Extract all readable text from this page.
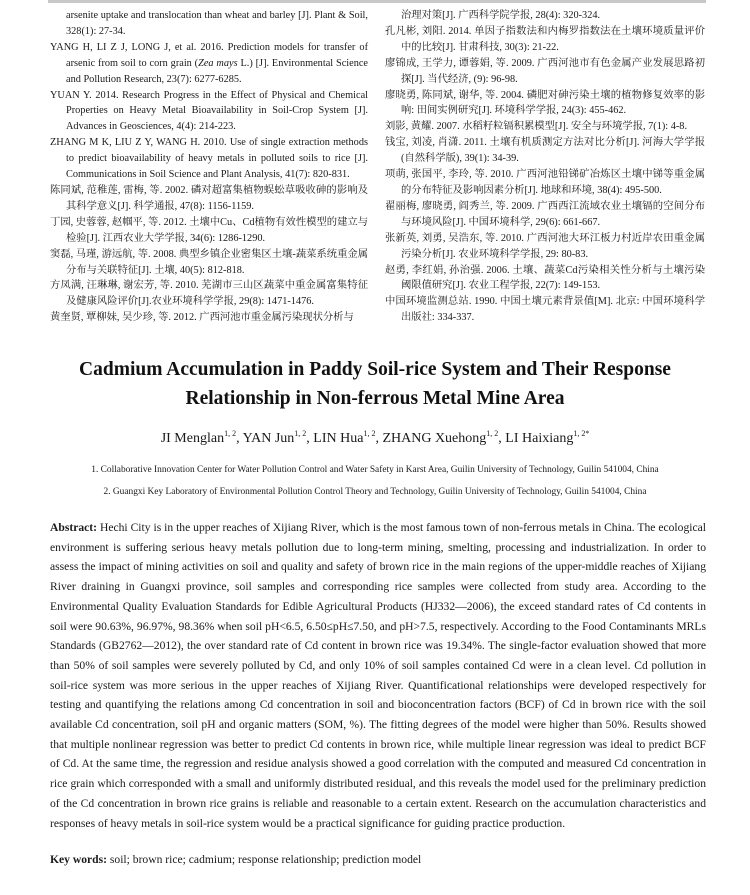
arsenite uptake and translocation than wheat and barley [J]. Plant & Soil, 328(1): 27-34.
YANG H, LI Z J, LONG J, et al. 2016. Prediction models for transfer of arsenic from soil to corn grain (Zea mays L.) [J]. Environmental Science and Pollution Research, 23(7): 6277-6285.
YUAN Y. 2014. Research Progress in the Effect of Physical and Chemical Properties on Heavy Metal Bioavailability in Soil-Crop System [J]. Advances in Geosciences, 4(4): 214-223.
ZHANG M K, LIU Z Y, WANG H. 2010. Use of single extraction methods to predict bioavailability of heavy metals in polluted soils to rice [J]. Communications in Soil Science and Plant Analysis, 41(7): 820-831.
陈同斌, 范稚莲, 雷梅, 等. 2002. 磷对超富集植物蜈蚣草吸收砷的影响及其科学意义[J]. 科学通报, 47(8): 1156-1159.
丁园, 史蓉蓉, 赵帼平, 等. 2012. 土壤中Cu、Cd植物有效性模型的建立与检验[J]. 江西农业大学学报, 34(6): 1286-1290.
窦磊, 马瑾, 游远航, 等. 2008. 典型乡镇企业密集区土壤-蔬菜系统重金属分布与关联特征[J]. 土壤, 40(5): 812-818.
方凤满, 汪琳琳, 谢宏芳, 等. 2010. 芜湖市三山区蔬菜中重金属富集特征及健康风险评价[J].农业环境科学学报, 29(8): 1471-1476.
黄奎贤, 覃柳妹, 吴少珍, 等. 2012. 广西河池市重金属污染现状分析与
治理对策[J]. 广西科学院学报, 28(4): 320-324.
孔凡彬, 刘阳. 2014. 单因子指数法和内梅罗指数法在土壤环境质量评价中的比较[J]. 甘肃科技, 30(3): 21-22.
廖锦成, 王学力, 谭蓉娟, 等. 2009. 广西河池市有色金属产业发展思路初探[J]. 当代经济, (9): 96-98.
廖晓勇, 陈同斌, 谢华, 等. 2004. 磷肥对砷污染土壤的植物修复效率的影响: 田间实例研究[J]. 环境科学学报, 24(3): 455-462.
刘影, 黄耀. 2007. 水稻籽粒镉积累模型[J]. 安全与环境学报, 7(1): 4-8.
钱宝, 刘凌, 肖潇. 2011. 土壤有机质测定方法对比分析[J]. 河海大学学报(自然科学版), 39(1): 34-39.
项萌, 张国平, 李玲, 等. 2010. 广西河池铅锑矿冶炼区土壤中锑等重金属的分布特征及影响因素分析[J]. 地球和环境, 38(4): 495-500.
翟丽梅, 廖晓勇, 阎秀兰, 等. 2009. 广西西江流域农业土壤镉的空间分布与环境风险[J]. 中国环境科学, 29(6): 661-667.
张新英, 刘勇, 吴浩东, 等. 2010. 广西河池大环江板力村近岸农田重金属污染分析[J]. 农业环境科学学报, 29: 80-83.
赵勇, 李红娟, 孙治强. 2006. 土壤、蔬菜Cd污染相关性分析与土壤污染阈限值研究[J]. 农业工程学报, 22(7): 149-153.
中国环境监测总站. 1990. 中国土壤元素背景值[M]. 北京: 中国环境科学出版社: 334-337.
Cadmium Accumulation in Paddy Soil-rice System and Their Response
Relationship in Non-ferrous Metal Mine Area
JI Menglan$^{1, 2}$, YAN Jun$^{1, 2}$, LIN Hua$^{1, 2}$, ZHANG Xuehong$^{1, 2}$, LI Haixiang$^{1, 2*}$
1. Collaborative Innovation Center for Water Pollution Control and Water Safety in Karst Area, Guilin University of Technology, Guilin 541004, China
2. Guangxi Key Laboratory of Environmental Pollution Control Theory and Technology, Guilin University of Technology, Guilin 541004, China
Abstract: Hechi City is in the upper reaches of Xijiang River, which is the most famous town of non-ferrous metals in China. The ecological environment is suffering serious heavy metals pollution due to long-term mining, smelting, processing and industrialization. In order to assess the impact of mining activities on soil and quality and safety of brown rice in the main regions of the upper-middle reaches of Xijiang River draining in Guangxi province, soil samples and corresponding rice samples were collected from study area. According to the Environmental Quality Evaluation Standards for Edible Agricultural Products (HJ332—2006), the exceed standard rates of Cd contents in soil were 90.63%, 96.97%, 98.36% when soil pH<6.5, 6.50≤pH≤7.50, and pH>7.5, respectively. According to the Food Contaminants MRLs Standards (GB2762—2012), the over standard rate of Cd content in brown rice was 19.34%. The single-factor evaluation showed that more than 50% of soil samples were severely polluted by Cd, and only 10% of soil samples contained Cd were in a clean level. Cd pollution in soil-rice system was more serious in the upper reaches of Xijiang River. Quantificational relationships were developed respectively for testing and quantifying the relations among Cd concentration in soil and bioconcentration factors (BCF) of Cd in brown rice with the soil available Cd concentration, soil pH and organic matters (SOM, %). The fitting degrees of the model were higher than 50%. Results showed that multiple nonlinear regression was better to predict Cd contents in brown rice, while multiple linear regression was ideal to predict BCF of Cd. At the same time, the regression and residue analysis showed a good correlation with the computed and measured Cd concentration in rice grain which corresponded with a small and uniformly distributed residual, and this reveals the model used for the preliminary prediction of the Cd concentration in brown rice grains is reliable and reasonable to a certain extent. Research on the accumulation characteristics and responses of heavy metals in soil-rice system would be a practical significance for guiding practice production.
Key words: soil; brown rice; cadmium; response relationship; prediction model
